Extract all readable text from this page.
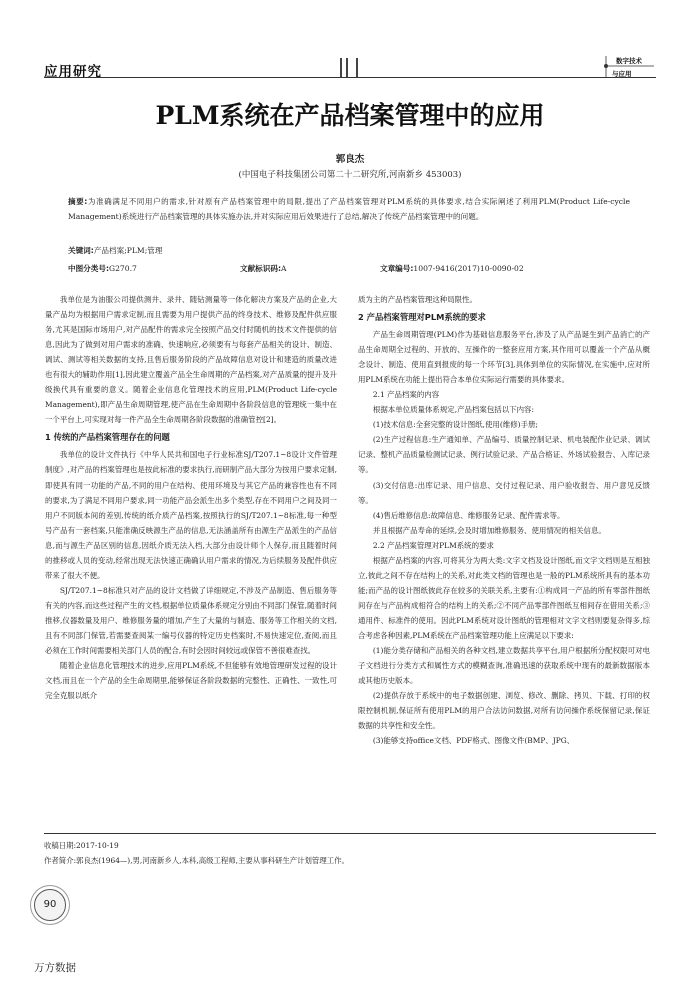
应用研究
数字技术
与应用
PLM系统在产品档案管理中的应用
郭良杰
(中国电子科技集团公司第二十二研究所,河南新乡 453003)
摘要:为准确满足不同用户的需求,针对原有产品档案管理中的局限,提出了产品档案管理对PLM系统的具体要求,结合实际阐述了利用PLM(Product Life-cycle Management)系统进行产品档案管理的具体实施办法,并对实际应用后效果进行了总结,解决了传统产品档案管理中的问题。
关键词:产品档案;PLM;管理
中图分类号:G270.7	文献标识码:A	文章编号:1007-9416(2017)10-0090-02

我单位是为油服公司提供测井、录井、随钻测量等一体化解决方案及产品的企业,大量产品均为根据用户需求定制,而且需要为用户提供产品的终身技术、维修及配件供应服务,尤其是国际市场用户,对产品配件的需求完全按照产品交付时随机的技术文件提供的信息,因此为了做到对用户需求的准确、快速响应,必须要有与每套产品相关的设计、制造、调试、测试等相关数据的支持,且售后服务阶段的产品故障信息对设计和建造的质量改进也有很大的辅助作用[1],因此建立覆盖产品全生命周期的产品档案,对产品质量的提升及升级换代具有重要的意义。随着企业信息化管理技术的应用,PLM(Product Life-cycle Management),即产品生命周期管理,使产品在生命周期中各阶段信息的管理统一集中在一个平台上,可实现对每一件产品全生命周期各阶段数据的准确管控[2]。

1 传统的产品档案管理存在的问题

我单位的设计文件执行《中华人民共和国电子行业标准SJ/T207.1~8设计文件管理制度》,对产品的档案管理也是按此标准的要求执行,而研制产品大部分为按用户要求定制,即使具有同一功能的产品,不同的用户在结构、使用环境及与其它产品的兼容性也有不同的要求,为了满足不同用户要求,同一功能产品会派生出多个类型,存在不同用户之间及同一用户不同版本间的差别,传统的纸介质产品档案,按照执行的SJ/T207.1~8标准,每一种型号产品有一套档案,只能准确反映源生产品的信息,无法涵盖所有由源生产品派生的产品信息,而与源生产品区别的信息,因纸介质无法入档,大部分由设计师个人保存,而且随着时间的推移或人员的变动,经常出现无法快速正确确认用户需求的情况,为后续服务及配件供应带来了很大不便。

SJ/T207.1~8标准只对产品的设计文档做了详细规定,不涉及产品制造、售后服务等有关的内容,而这些过程产生的文档,根据单位质量体系规定分别由不同部门保管,随着时间推移,仪器数量及用户、维修服务量的增加,产生了大量的与制造、服务等工作相关的文档,且有不同部门保管,若需要查阅某一编号仪器的特定历史档案时,不易快速定位,查阅,而且必须在工作时间需要相关部门人员的配合,有时会因时间较远或保管不善很难查找。

随着企业信息化管理技术的进步,应用PLM系统,不但能够有效地管理研发过程的设计文档,而且在一个产品的全生命周期里,能够保证各阶段数据的完整性、正确性、一致性,可完全克服以纸介

质为主的产品档案管理这种局限性。

2 产品档案管理对PLM系统的要求

产品生命周期管理(PLM)作为基础信息服务平台,涉及了从产品诞生到产品消亡的产品生命周期全过程的、开放的、互操作的一整套应用方案,其作用可以覆盖一个产品从概念设计、制造、使用直到报废的每一个环节[3],具体到单位的实际情况,在实施中,应对所用PLM系统在功能上提出符合本单位实际运行需要的具体要求。

2.1 产品档案的内容

根据本单位质量体系规定,产品档案包括以下内容:

(1)技术信息:全套完整的设计图纸,使用(维修)手册;

(2)生产过程信息:生产通知单、产品编号、质量控制记录、机电装配作业记录、调试记录、整机产品质量检测试记录、例行试验记录、产品合格证、外场试验报告、入库记录等。

(3)交付信息:出库记录、用户信息、交付过程记录、用户验收报告、用户意见反馈等。

(4)售后维修信息:故障信息、维修服务记录、配件需求等。

并且根据产品寿命的延续,会及时增加维修服务、使用情况的相关信息。

2.2 产品档案管理对PLM系统的要求

根据产品档案的内容,可将其分为两大类:文字文档及设计图纸,而文字文档则是互相独立,彼此之间不存在结构上的关系,对此类文档的管理也是一般的PLM系统所具有的基本功能;而产品的设计图纸彼此存在较多的关联关系,主要有:①构成同一产品的所有零部件图纸间存在与产品构成相符合的结构上的关系;②不同产品零部件图纸互相间存在借用关系;③通用件、标准件的使用。因此PLM系统对设计图纸的管理相对文字文档则要复杂得多,综合考虑各种因素,PLM系统在产品档案管理功能上应满足以下要求:

(1)能分类存储和产品相关的各种文档,建立数据共享平台,用户根据所分配权限可对电子文档进行分类方式和属性方式的模糊查询,准确迅速的获取系统中现有的最新数据版本或其他历史版本。

(2)提供存放于系统中的电子数据创建、浏览、修改、删除、拷贝、下载、打印的权限控制机制,保证所有使用PLM的用户合法访问数据,对所有访问操作系统保留记录,保证数据的共享性和安全性。

(3)能够支持office文档、PDF格式、图像文件(BMP、JPG、

收稿日期:2017-10-19
作者简介:郭良杰(1964—),男,河南新乡人,本科,高级工程师,主要从事科研生产计划管理工作。
90
万方数据
